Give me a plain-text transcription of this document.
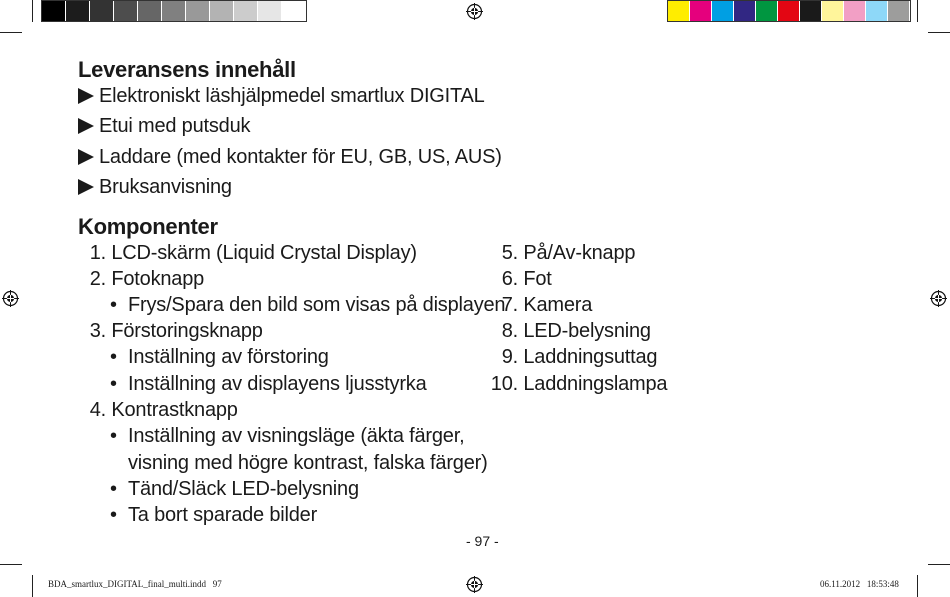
Leveransens innehåll
Elektroniskt läshjälpmedel smartlux DIGITAL
Etui med putsduk
Laddare (med kontakter för EU, GB, US, AUS)
Bruksanvisning
Komponenter
1. LCD-skärm (Liquid Crystal Display)
2. Fotoknapp
• Frys/Spara den bild som visas på displayen
3. Förstoringsknapp
• Inställning av förstoring
• Inställning av displayens ljusstyrka
4. Kontrastknapp
• Inställning av visningsläge (äkta färger,
visning med högre kontrast, falska färger)
• Tänd/Släck LED-belysning
• Ta bort sparade bilder
5. På/Av-knapp
6. Fot
7. Kamera
8. LED-belysning
9. Laddningsuttag
10. Laddningslampa
- 97 -
BDA_smartlux_DIGITAL_final_multi.indd   97	06.11.2012   18:53:48
